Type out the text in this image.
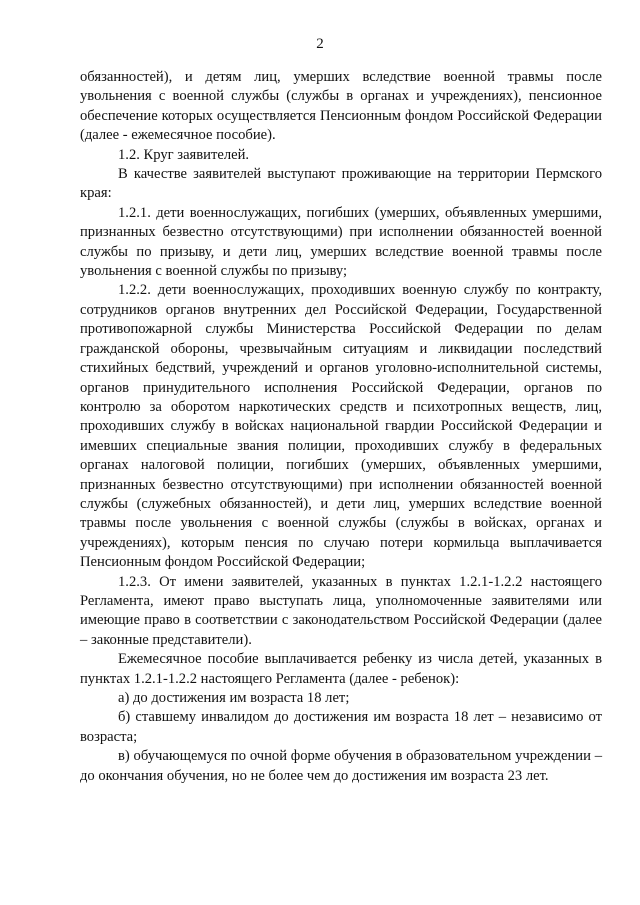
2

обязанностей), и детям лиц, умерших вследствие военной травмы после увольнения с военной службы (службы в органах и учреждениях), пенсионное обеспечение которых осуществляется Пенсионным фондом Российской Федерации (далее - ежемесячное пособие).

1.2. Круг заявителей.

В качестве заявителей выступают проживающие на территории Пермского края:

1.2.1. дети военнослужащих, погибших (умерших, объявленных умершими, признанных безвестно отсутствующими) при исполнении обязанностей военной службы по призыву, и дети лиц, умерших вследствие военной травмы после увольнения с военной службы по призыву;

1.2.2. дети военнослужащих, проходивших военную службу по контракту, сотрудников органов внутренних дел Российской Федерации, Государственной противопожарной службы Министерства Российской Федерации по делам гражданской обороны, чрезвычайным ситуациям и ликвидации последствий стихийных бедствий, учреждений и органов уголовно-исполнительной системы, органов принудительного исполнения Российской Федерации, органов по контролю за оборотом наркотических средств и психотропных веществ, лиц, проходивших службу в войсках национальной гвардии Российской Федерации и имевших специальные звания полиции, проходивших службу в федеральных органах налоговой полиции, погибших (умерших, объявленных умершими, признанных безвестно отсутствующими) при исполнении обязанностей военной службы (служебных обязанностей), и дети лиц, умерших вследствие военной травмы после увольнения с военной службы (службы в войсках, органах и учреждениях), которым пенсия по случаю потери кормильца выплачивается Пенсионным фондом Российской Федерации;

1.2.3. От имени заявителей, указанных в пунктах 1.2.1-1.2.2 настоящего Регламента, имеют право выступать лица, уполномоченные заявителями или имеющие право в соответствии с законодательством Российской Федерации (далее – законные представители).

Ежемесячное пособие выплачивается ребенку из числа детей, указанных в пунктах 1.2.1-1.2.2 настоящего Регламента (далее - ребенок):

а) до достижения им возраста 18 лет;

б) ставшему инвалидом до достижения им возраста 18 лет – независимо от возраста;

в) обучающемуся по очной форме обучения в образовательном учреждении – до окончания обучения, но не более чем до достижения им возраста 23 лет.
